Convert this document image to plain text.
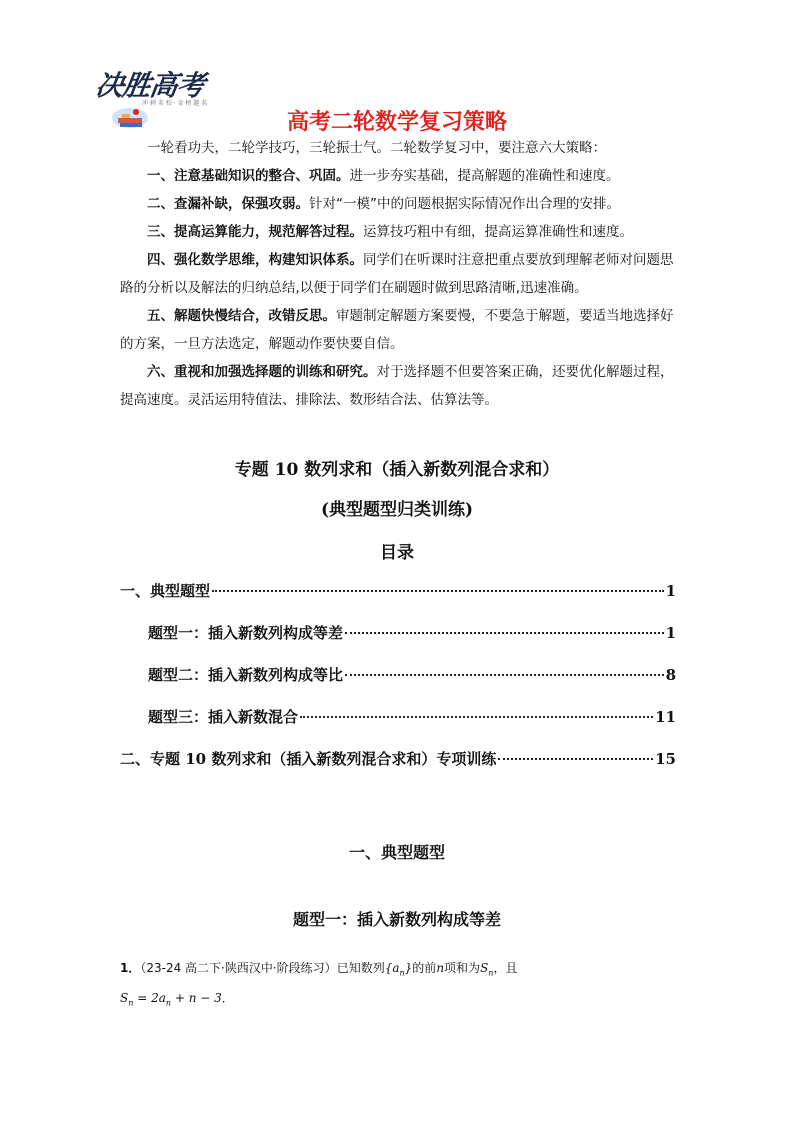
决胜高考
冲 刺 名 校 · 金 榜 题 名
高考二轮数学复习策略

一轮看功夫，二轮学技巧，三轮振士气。二轮数学复习中，要注意六大策略：

一、注意基础知识的整合、巩固。进一步夯实基础，提高解题的准确性和速度。

二、查漏补缺，保强攻弱。针对“一模”中的问题根据实际情况作出合理的安排。

三、提高运算能力，规范解答过程。运算技巧粗中有细，提高运算准确性和速度。

四、强化数学思维，构建知识体系。同学们在听课时注意把重点要放到理解老师对问题思路的分析以及解法的归纳总结,以便于同学们在刷题时做到思路清晰,迅速准确。

五、解题快慢结合，改错反思。审题制定解题方案要慢，不要急于解题，要适当地选择好的方案，一旦方法选定，解题动作要快要自信。

六、重视和加强选择题的训练和研究。对于选择题不但要答案正确，还要优化解题过程，提高速度。灵活运用特值法、排除法、数形结合法、估算法等。

专题 10 数列求和（插入新数列混合求和）
(典型题型归类训练)
目录
一、典型题型	1
题型一：插入新数列构成等差	1
题型二：插入新数列构成等比	8
题型三：插入新数混合	11
二、专题 10 数列求和（插入新数列混合求和）专项训练	15
一、典型题型
题型一：插入新数列构成等差
1．（23-24 高二下·陕西汉中·阶段练习）已知数列$\{a_n\}$的前n项和为$S_n$，且
$S_n = 2a_n + n - 3$．
